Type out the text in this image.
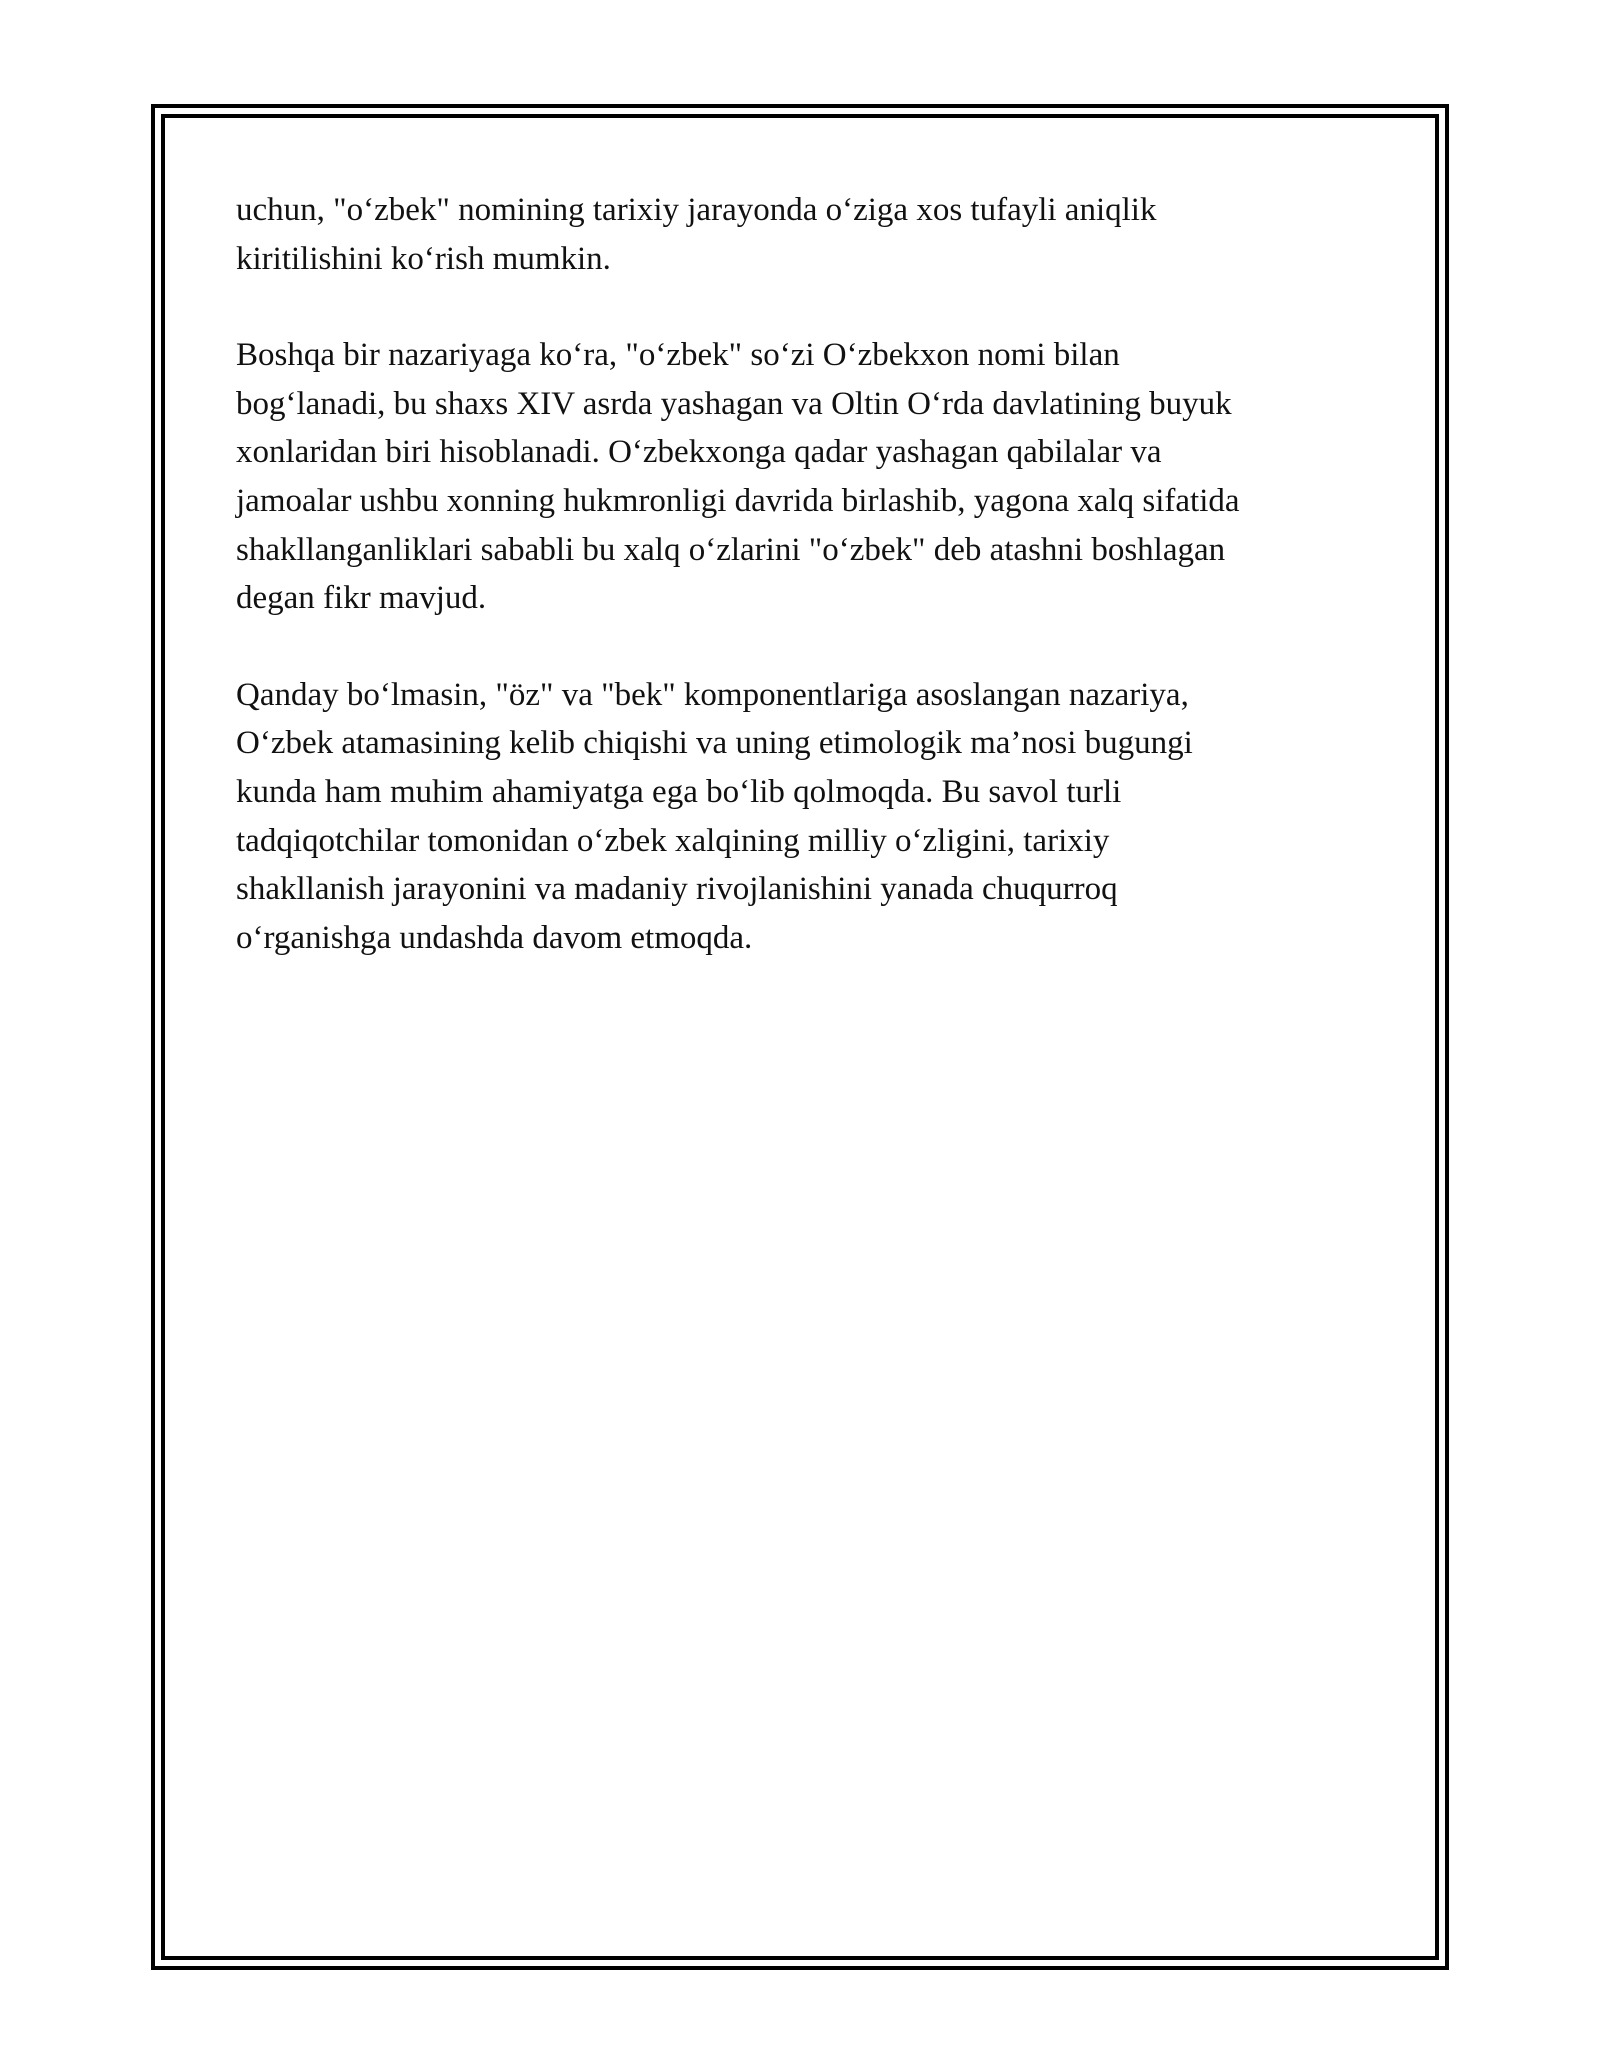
uchun, "o‘zbek" nomining tarixiy jarayonda o‘ziga xos tufayli aniqlik
kiritilishini ko‘rish mumkin.

Boshqa bir nazariyaga ko‘ra, "o‘zbek" so‘zi O‘zbekxon nomi bilan
bog‘lanadi, bu shaxs XIV asrda yashagan va Oltin O‘rda davlatining buyuk
xonlaridan biri hisoblanadi. O‘zbekxonga qadar yashagan qabilalar va
jamoalar ushbu xonning hukmronligi davrida birlashib, yagona xalq sifatida
shakllanganliklari sababli bu xalq o‘zlarini "o‘zbek" deb atashni boshlagan
degan fikr mavjud.

Qanday bo‘lmasin, "öz" va "bek" komponentlariga asoslangan nazariya,
O‘zbek atamasining kelib chiqishi va uning etimologik ma’nosi bugungi
kunda ham muhim ahamiyatga ega bo‘lib qolmoqda. Bu savol turli
tadqiqotchilar tomonidan o‘zbek xalqining milliy o‘zligini, tarixiy
shakllanish jarayonini va madaniy rivojlanishini yanada chuqurroq
o‘rganishga undashda davom etmoqda.
